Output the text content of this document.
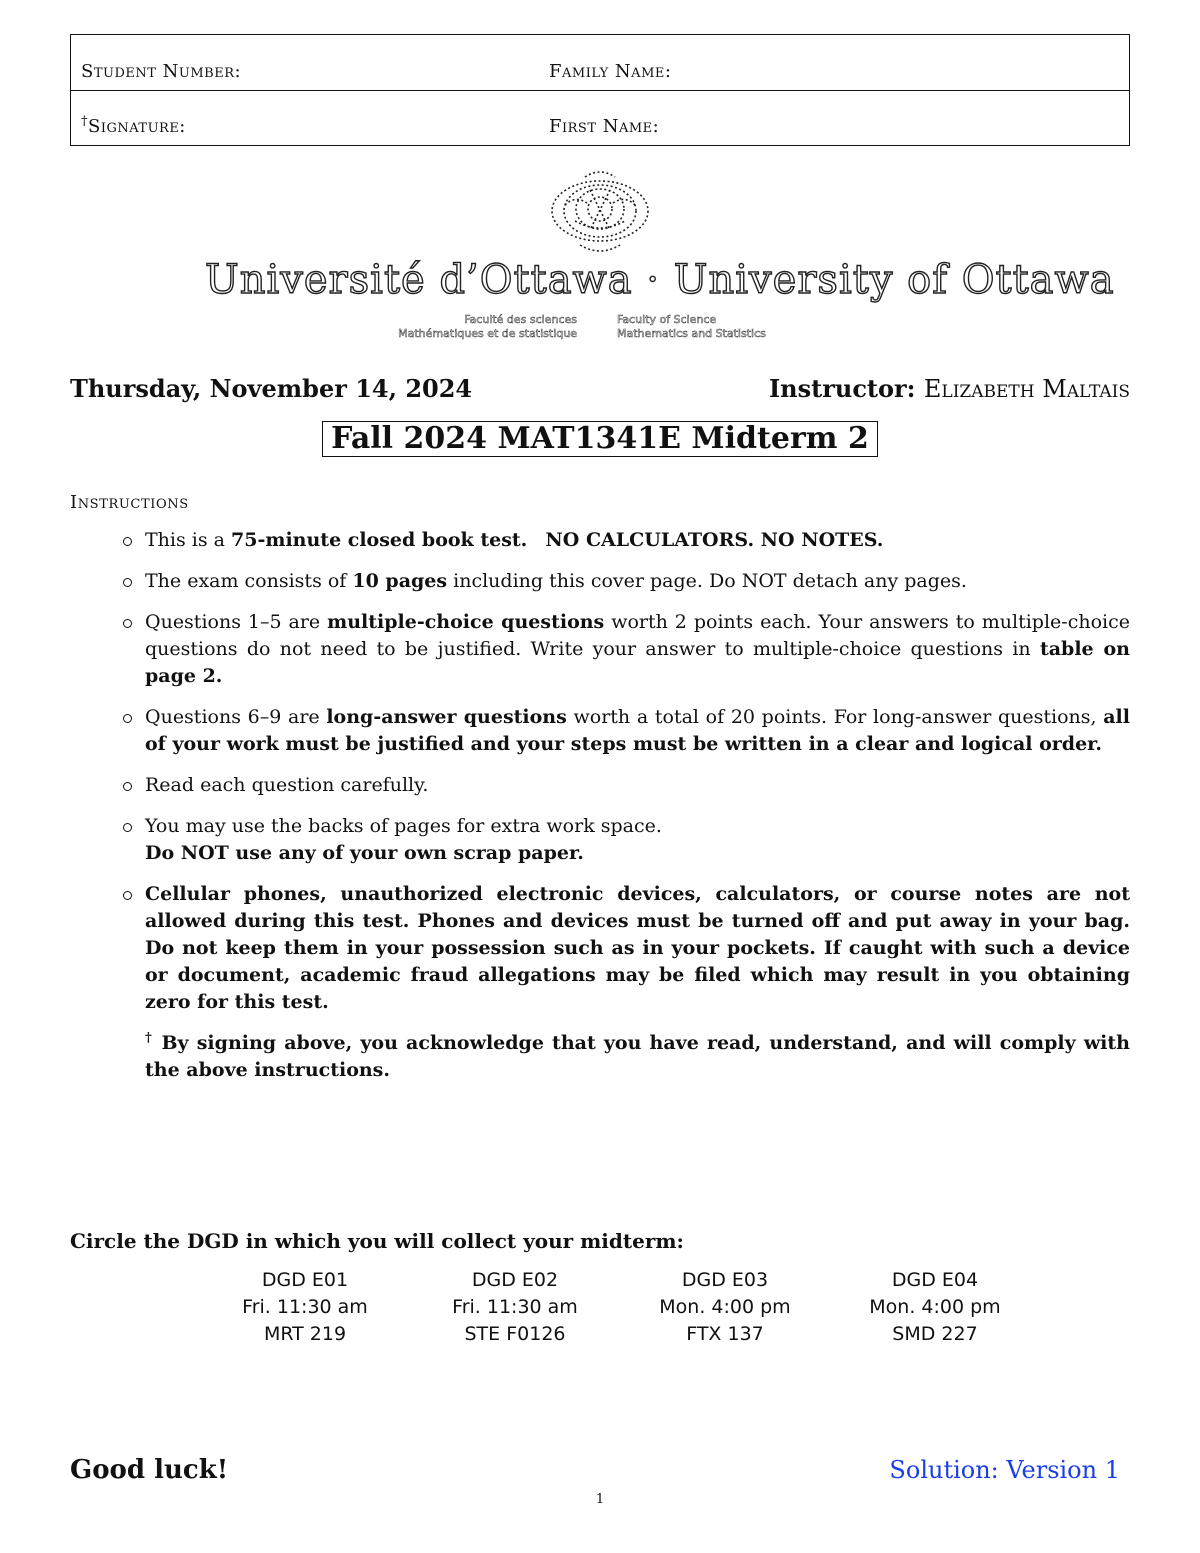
Student Number:	Family Name:
†Signature:	First Name:
Université d’Ottawa · University of Ottawa
Faculté des sciences
Mathématiques et de statistique
Faculty of Science
Mathematics and Statistics
Thursday, November 14, 2024	Instructor: Elizabeth Maltais
Fall 2024 MAT1341E Midterm 2
Instructions
This is a 75-minute closed book test. NO CALCULATORS. NO NOTES.
The exam consists of 10 pages including this cover page. Do NOT detach any pages.
Questions 1–5 are multiple-choice questions worth 2 points each. Your answers to multiple-choice questions do not need to be justified. Write your answer to multiple-choice questions in table on page 2.
Questions 6–9 are long-answer questions worth a total of 20 points. For long-answer questions, all of your work must be justified and your steps must be written in a clear and logical order.
Read each question carefully.
You may use the backs of pages for extra work space.
Do NOT use any of your own scrap paper.
Cellular phones, unauthorized electronic devices, calculators, or course notes are not allowed during this test. Phones and devices must be turned off and put away in your bag. Do not keep them in your possession such as in your pockets. If caught with such a device or document, academic fraud allegations may be filed which may result in you obtaining zero for this test.
† By signing above, you acknowledge that you have read, understand, and will comply with the above instructions.
Circle the DGD in which you will collect your midterm:
DGD E01	DGD E02	DGD E03	DGD E04
Fri. 11:30 am	Fri. 11:30 am	Mon. 4:00 pm	Mon. 4:00 pm
MRT 219	STE F0126	FTX 137	SMD 227
Good luck!	Solution: Version 1
1
